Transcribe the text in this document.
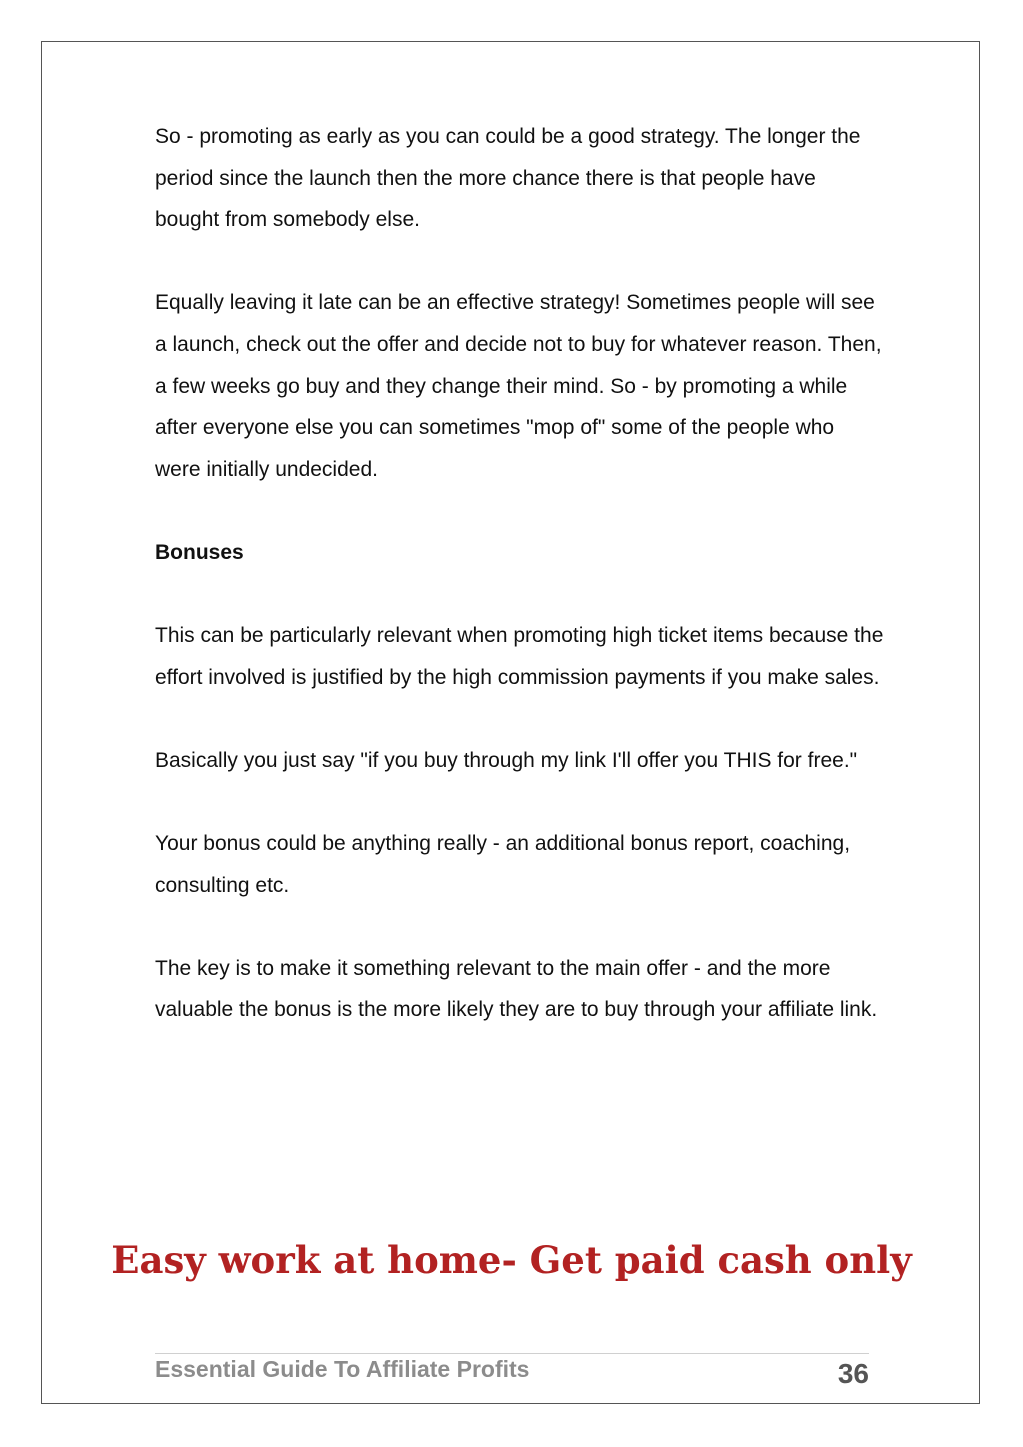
So - promoting as early as you can could be a good strategy. The longer the period since the launch then the more chance there is that people have bought from somebody else.

Equally leaving it late can be an effective strategy! Sometimes people will see a launch, check out the offer and decide not to buy for whatever reason. Then, a few weeks go buy and they change their mind. So - by promoting a while after everyone else you can sometimes "mop of" some of the people who were initially undecided.

Bonuses

This can be particularly relevant when promoting high ticket items because the effort involved is justified by the high commission payments if you make sales.

Basically you just say "if you buy through my link I'll offer you THIS for free."

Your bonus could be anything really - an additional bonus report, coaching, consulting etc.

The key is to make it something relevant to the main offer - and the more valuable the bonus is the more likely they are to buy through your affiliate link.

Easy work at home- Get paid cash only
Essential Guide To Affiliate Profits	36
